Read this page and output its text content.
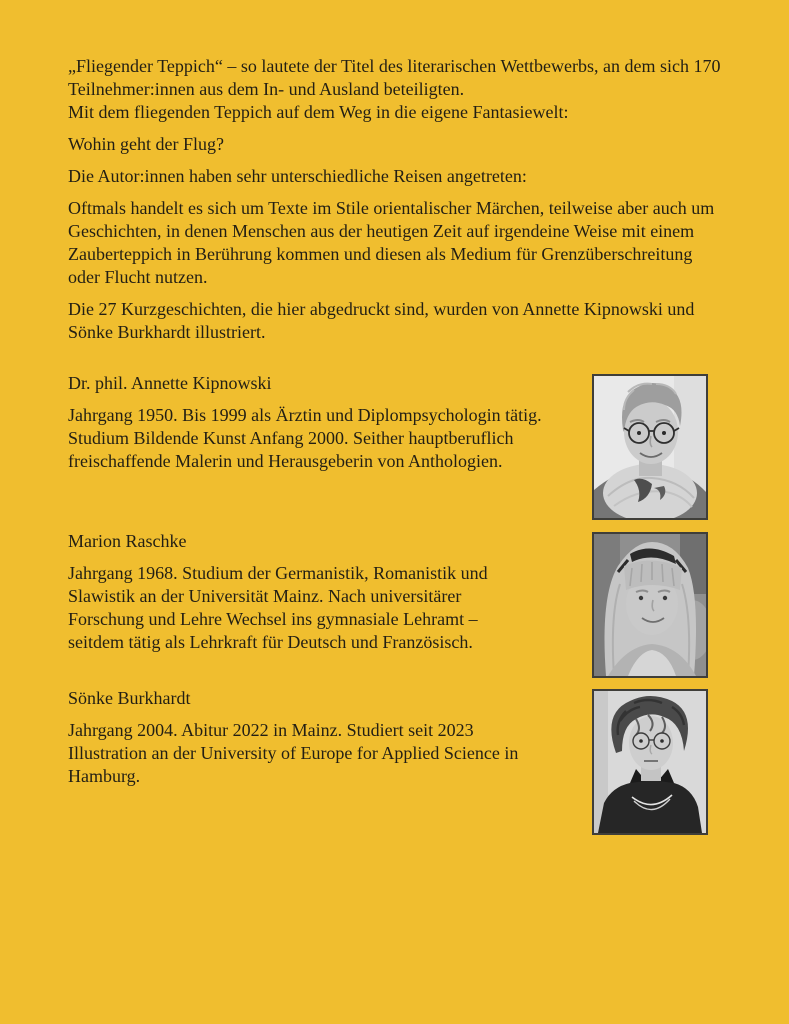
„Fliegender Teppich“ – so lautete der Titel des literarischen Wettbewerbs, an dem sich 170 Teilnehmer:innen aus dem In- und Ausland beteiligten.

Mit dem fliegenden Teppich auf dem Weg in die eigene Fantasiewelt:

Wohin geht der Flug?

Die Autor:innen haben sehr unterschiedliche Reisen angetreten:

Oftmals handelt es sich um Texte im Stile orientalischer Märchen, teilweise aber auch um Geschichten, in denen Menschen aus der heutigen Zeit auf irgendeine Weise mit einem Zauberteppich in Berührung kommen und diesen als Medium für Grenzüberschreitung oder Flucht nutzen.

Die 27 Kurzgeschichten, die hier abgedruckt sind, wurden von Annette Kipnowski und Sönke Burkhardt illustriert.

Dr. phil. Annette Kipnowski

Jahrgang 1950. Bis 1999 als Ärztin und Diplompsychologin tätig. Studium Bildende Kunst Anfang 2000. Seither hauptberuflich freischaffende Malerin und Herausgeberin von Anthologien.

Marion Raschke

Jahrgang 1968. Studium der Germanistik, Romanistik und Slawistik an der Universität Mainz. Nach universitärer Forschung und Lehre Wechsel ins gymnasiale Lehramt – seitdem tätig als Lehrkraft für Deutsch und Französisch.

Sönke Burkhardt

Jahrgang 2004. Abitur 2022 in Mainz. Studiert seit 2023 Illustration an der University of Europe for Applied Science in Hamburg.
